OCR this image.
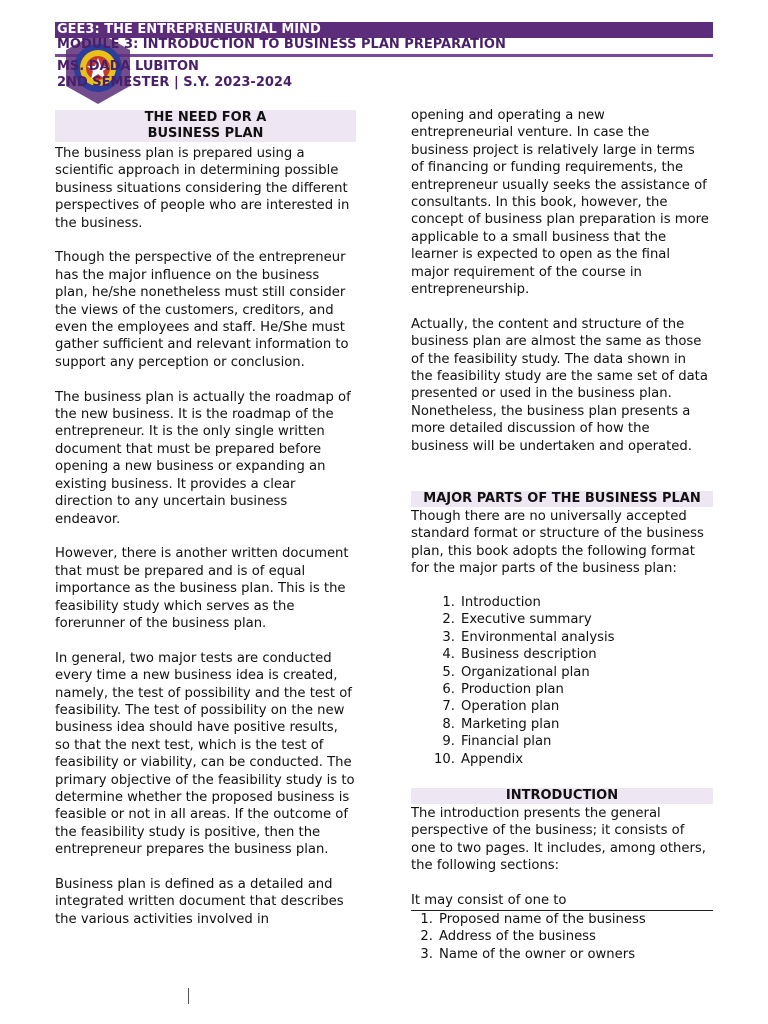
GEE3: THE ENTREPRENEURIAL MIND
MODULE 3: INTRODUCTION TO BUSINESS PLAN PREPARATION
MS. DADA LUBITON
2ND SEMESTER | S.Y. 2023-2024
THE NEED FOR A
BUSINESS PLAN

The business plan is prepared using a scientific approach in determining possible business situations considering the different perspectives of people who are interested in the business.

Though the perspective of the entrepreneur has the major influence on the business plan, he/she nonetheless must still consider the views of the customers, creditors, and even the employees and staff. He/She must gather sufficient and relevant information to support any perception or conclusion.

The business plan is actually the roadmap of the new business. It is the roadmap of the entrepreneur. It is the only single written document that must be prepared before opening a new business or expanding an existing business. It provides a clear direction to any uncertain business endeavor.

However, there is another written document that must be prepared and is of equal importance as the business plan. This is the feasibility study which serves as the forerunner of the business plan.

In general, two major tests are conducted every time a new business idea is created, namely, the test of possibility and the test of feasibility. The test of possibility on the new business idea should have positive results, so that the next test, which is the test of feasibility or viability, can be conducted. The primary objective of the feasibility study is to determine whether the proposed business is feasible or not in all areas. If the outcome of the feasibility study is positive, then the entrepreneur prepares the business plan.

Business plan is defined as a detailed and integrated written document that describes the various activities involved in

opening and operating a new entrepreneurial venture. In case the business project is relatively large in terms of financing or funding requirements, the entrepreneur usually seeks the assistance of consultants. In this book, however, the concept of business plan preparation is more applicable to a small business that the learner is expected to open as the final major requirement of the course in entrepreneurship.

Actually, the content and structure of the business plan are almost the same as those of the feasibility study. The data shown in the feasibility study are the same set of data presented or used in the business plan. Nonetheless, the business plan presents a more detailed discussion of how the business will be undertaken and operated.

MAJOR PARTS OF THE BUSINESS PLAN
Though there are no universally accepted standard format or structure of the business plan, this book adopts the following format for the major parts of the business plan:
1. Introduction
2. Executive summary
3. Environmental analysis
4. Business description
5. Organizational plan
6. Production plan
7. Operation plan
8. Marketing plan
9. Financial plan
10. Appendix
INTRODUCTION
The introduction presents the general perspective of the business; it consists of one to two pages. It includes, among others, the following sections:
It may consist of one to
1. Proposed name of the business
2. Address of the business
3. Name of the owner or owners
